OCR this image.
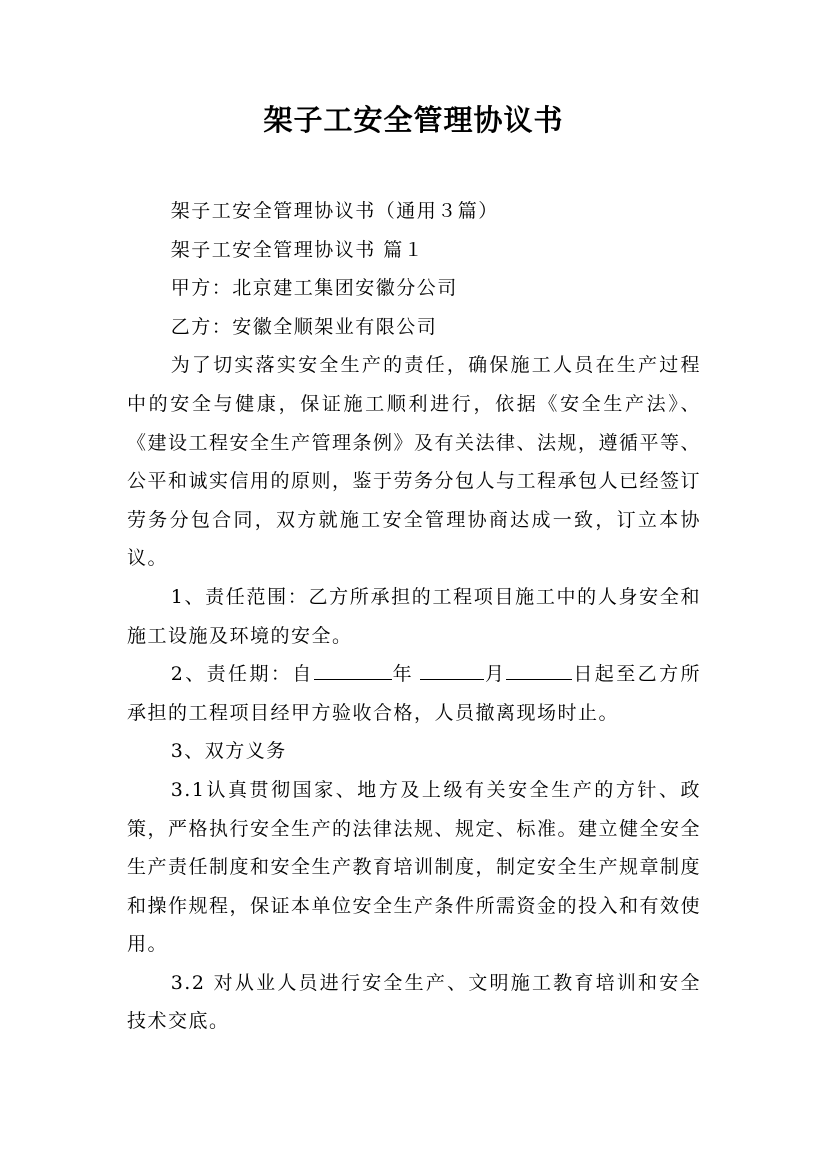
架子工安全管理协议书

架子工安全管理协议书（通用３篇）

架子工安全管理协议书 篇１

甲方：北京建工集团安徽分公司

乙方：安徽全顺架业有限公司

为了切实落实安全生产的责任，确保施工人员在生产过程中的安全与健康，保证施工顺利进行，依据《安全生产法》、《建设工程安全生产管理条例》及有关法律、法规，遵循平等、公平和诚实信用的原则，鉴于劳务分包人与工程承包人已经签订劳务分包合同，双方就施工安全管理协商达成一致，订立本协议。

1、责任范围：乙方所承担的工程项目施工中的人身安全和施工设施及环境的安全。

2、责任期：自	年	月	日起至乙方所承担的工程项目经甲方验收合格，人员撤离现场时止。

3、双方义务

3.1认真贯彻国家、地方及上级有关安全生产的方针、政策，严格执行安全生产的法律法规、规定、标准。建立健全安全生产责任制度和安全生产教育培训制度，制定安全生产规章制度和操作规程，保证本单位安全生产条件所需资金的投入和有效使用。

3.2 对从业人员进行安全生产、文明施工教育培训和安全技术交底。
